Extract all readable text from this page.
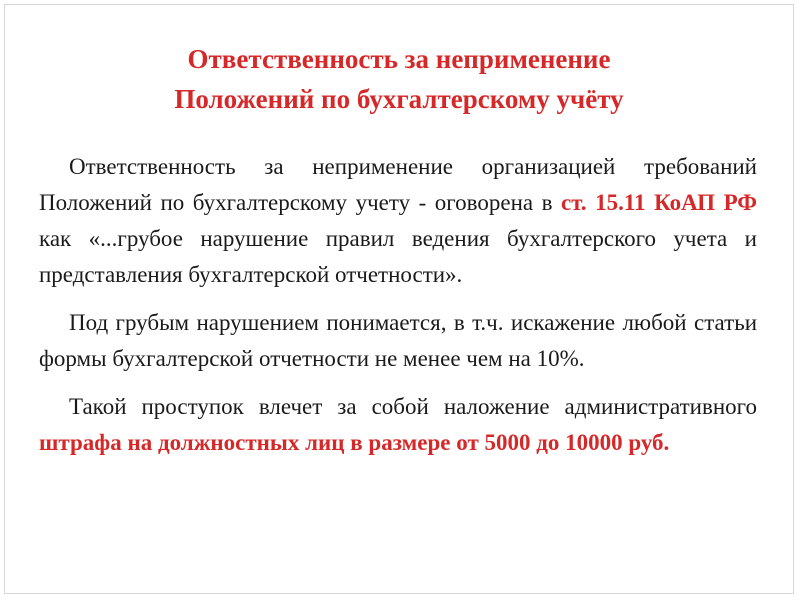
Ответственность за неприменение
Положений по бухгалтерскому учёту

Ответственность за неприменение организацией требований Положений по бухгалтерскому учету - оговорена в ст. 15.11 КоАП РФ как «...грубое нарушение правил ведения бухгалтерского учета и представления бухгалтерской отчетности».

Под грубым нарушением понимается, в т.ч. искажение любой статьи формы бухгалтерской отчетности не менее чем на 10%.

Такой проступок влечет за собой наложение административного штрафа на должностных лиц в размере от 5000 до 10000 руб.
